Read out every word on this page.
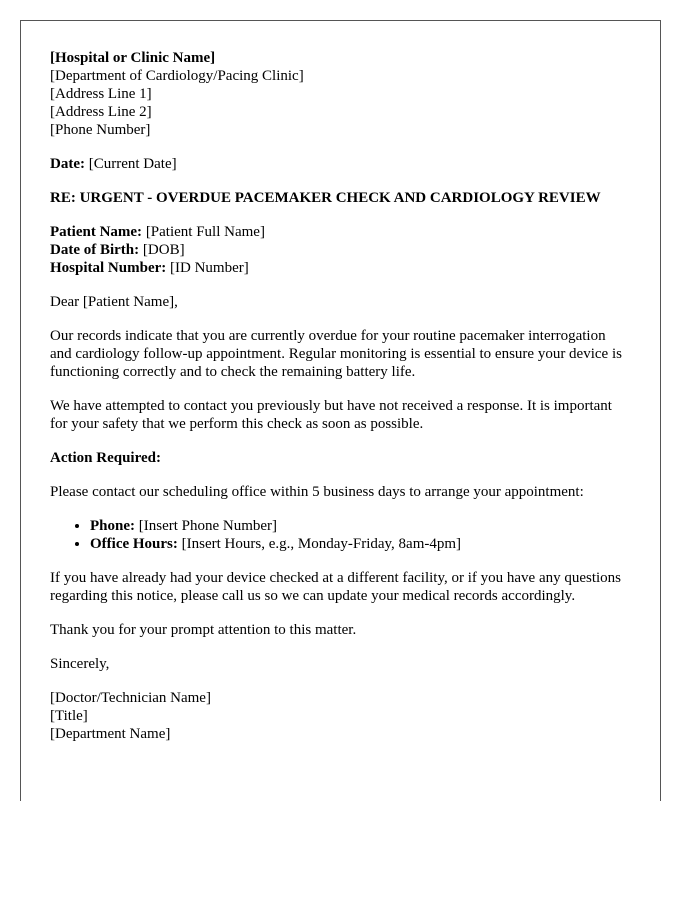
[Hospital or Clinic Name]
[Department of Cardiology/Pacing Clinic]
[Address Line 1]
[Address Line 2]
[Phone Number]
Date: [Current Date]
RE: URGENT - OVERDUE PACEMAKER CHECK AND CARDIOLOGY REVIEW
Patient Name: [Patient Full Name]
Date of Birth: [DOB]
Hospital Number: [ID Number]
Dear [Patient Name],
Our records indicate that you are currently overdue for your routine pacemaker interrogation and cardiology follow-up appointment. Regular monitoring is essential to ensure your device is functioning correctly and to check the remaining battery life.
We have attempted to contact you previously but have not received a response. It is important for your safety that we perform this check as soon as possible.
Action Required:
Please contact our scheduling office within 5 business days to arrange your appointment:
• Phone: [Insert Phone Number]
• Office Hours: [Insert Hours, e.g., Monday-Friday, 8am-4pm]
If you have already had your device checked at a different facility, or if you have any questions regarding this notice, please call us so we can update your medical records accordingly.
Thank you for your prompt attention to this matter.
Sincerely,
[Doctor/Technician Name]
[Title]
[Department Name]
